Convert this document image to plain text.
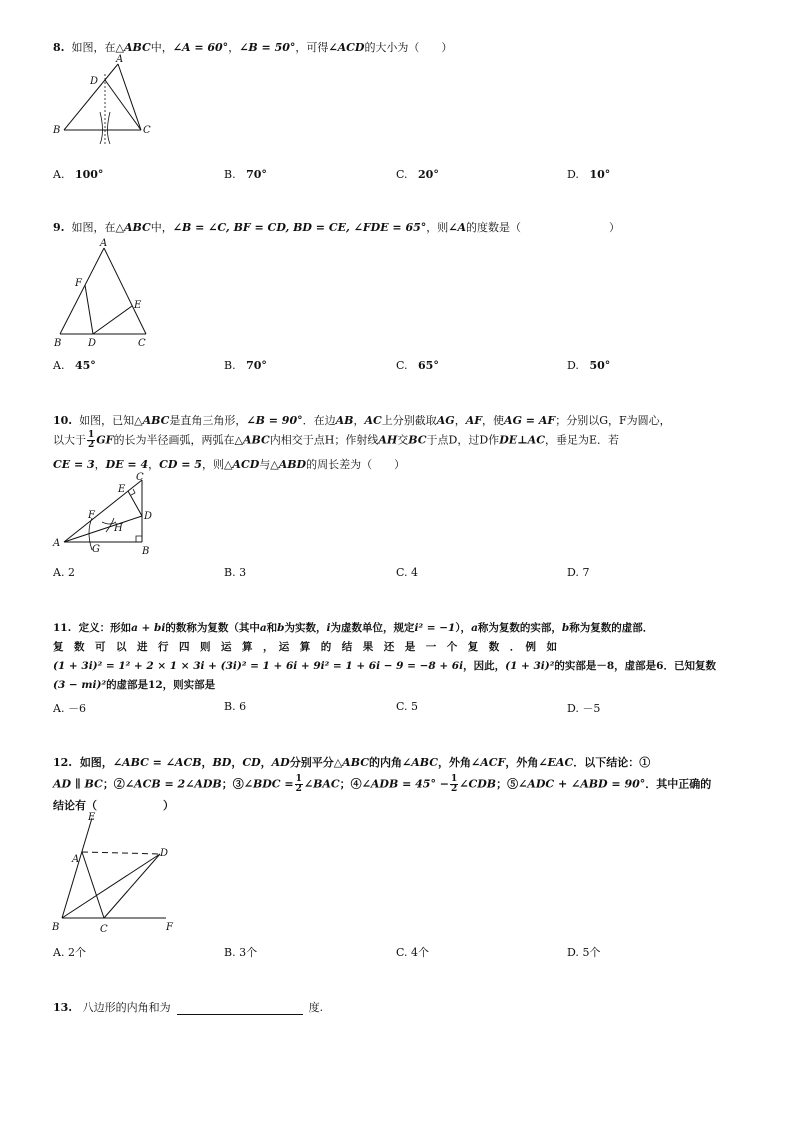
8. 如图，在△ABC中，∠A = 60°，∠B = 50°，可得∠ACD的大小为（　　）
A
B	C
D
A. 100°	B. 70°	C. 20°	D. 10°
9. 如图，在△ABC中，∠B = ∠C, BF = CD, BD = CE, ∠FDE = 65°，则∠A的度数是（　　　　　　　　）
A
B	C
D
E
F
A. 45°	B. 70°	C. 65°	D. 50°
10. 如图，已知△ABC是直角三角形，∠B = 90°．在边AB，AC上分别截取AG，AF，使AG = AF；分别以G，F为圆心，
以大于 $\frac{1}{2}$ GF的长为半径画弧，两弧在△ABC内相交于点H；作射线AH交BC于点D，过D作DE⊥AC，垂足为E．若
CE = 3，DE = 4，CD = 5，则△ACD与△ABD的周长差为（　　）
A
B
C
D
E
F
G
H
A. 2	B. 3	C. 4	D. 7
11. 定义：形如a + bi的数称为复数（其中a和b为实数，i为虚数单位，规定i² = −1），a称为复数的实部，b称为复数的虚部．
复　数　可　以　进　行　四　则　运　算　，　运　算　的　结　果　还　是　一　个　复　数　．　例　如
(1 + 3i)² = 1² + 2 × 1 × 3i + (3i)² = 1 + 6i + 9i² = 1 + 6i − 9 = −8 + 6i，因此，(1 + 3i)²的实部是－8，虚部是6．已知复数
(3 − mi)²的虚部是12，则实部是
A. －6	B. 6	C. 5	D. －5
12. 如图，∠ABC = ∠ACB，BD，CD，AD分别平分△ABC的内角∠ABC，外角∠ACF，外角∠EAC．以下结论：①
AD ∥ BC；②∠ACB = 2∠ADB；③∠BDC = $\frac{1}{2}$ ∠BAC；④∠ADB = $45^\circ - \frac{1}{2}$ ∠CDB；⑤∠ADC + ∠ABD = 90°．其中正确的
结论有（　　　　　　）
E
A
D
B	C	F
A. 2个	B. 3个	C. 4个	D. 5个
13. 八边形的内角和为	度.
